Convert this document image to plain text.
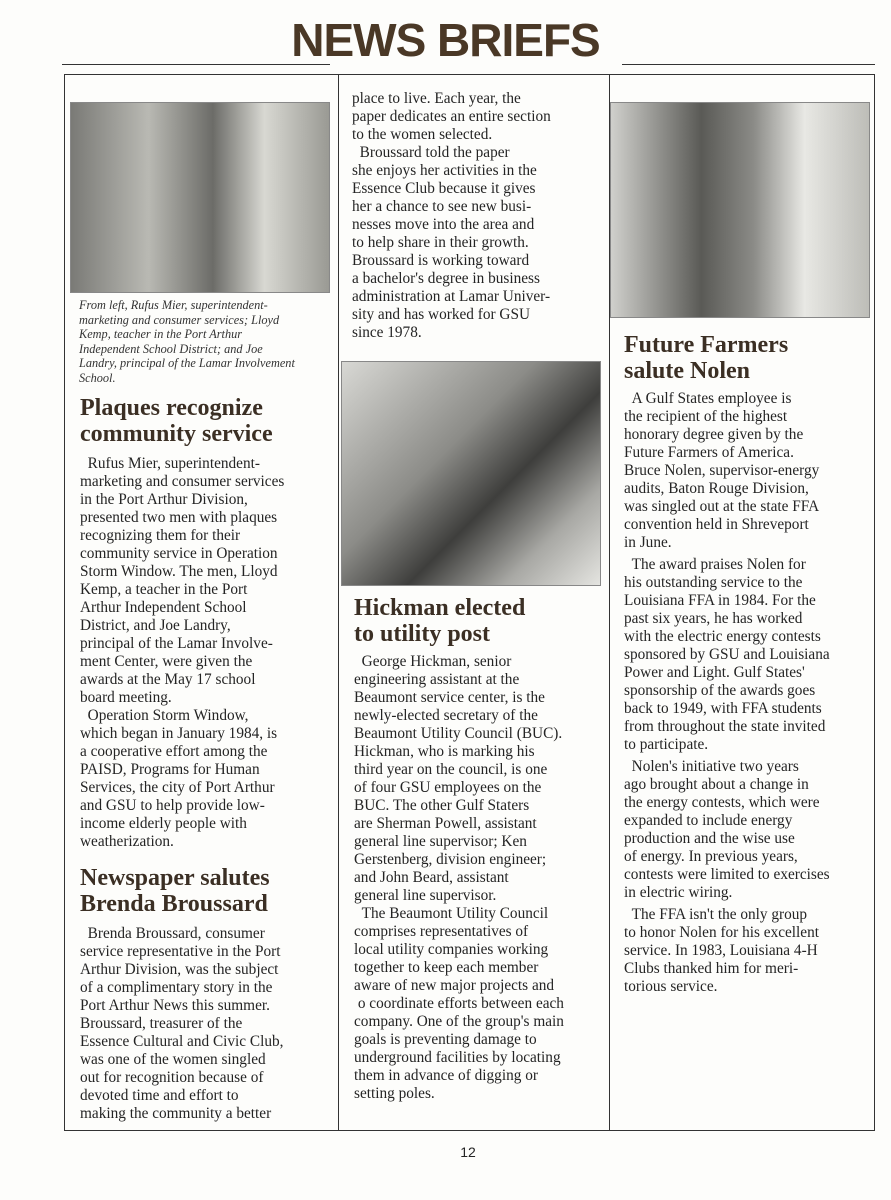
NEWS BRIEFS
From left, Rufus Mier, superintendent-
marketing and consumer services; Lloyd
Kemp, teacher in the Port Arthur
Independent School District; and Joe
Landry, principal of the Lamar Involvement
School.
Plaques recognize
community service
Rufus Mier, superintendent-
marketing and consumer services
in the Port Arthur Division,
presented two men with plaques
recognizing them for their
community service in Operation
Storm Window. The men, Lloyd
Kemp, a teacher in the Port
Arthur Independent School
District, and Joe Landry,
principal of the Lamar Involve-
ment Center, were given the
awards at the May 17 school
board meeting.
Operation Storm Window,
which began in January 1984, is
a cooperative effort among the
PAISD, Programs for Human
Services, the city of Port Arthur
and GSU to help provide low-
income elderly people with
weatherization.
Newspaper salutes
Brenda Broussard
Brenda Broussard, consumer
service representative in the Port
Arthur Division, was the subject
of a complimentary story in the
Port Arthur News this summer.
Broussard, treasurer of the
Essence Cultural and Civic Club,
was one of the women singled
out for recognition because of
devoted time and effort to
making the community a better
place to live. Each year, the
paper dedicates an entire section
to the women selected.
Broussard told the paper
she enjoys her activities in the
Essence Club because it gives
her a chance to see new busi-
nesses move into the area and
to help share in their growth.
Broussard is working toward
a bachelor's degree in business
administration at Lamar Univer-
sity and has worked for GSU
since 1978.
Hickman elected
to utility post
George Hickman, senior
engineering assistant at the
Beaumont service center, is the
newly-elected secretary of the
Beaumont Utility Council (BUC).
Hickman, who is marking his
third year on the council, is one
of four GSU employees on the
BUC. The other Gulf Staters
are Sherman Powell, assistant
general line supervisor; Ken
Gerstenberg, division engineer;
and John Beard, assistant
general line supervisor.
The Beaumont Utility Council
comprises representatives of
local utility companies working
together to keep each member
aware of new major projects and
o coordinate efforts between each
company. One of the group's main
goals is preventing damage to
underground facilities by locating
them in advance of digging or
setting poles.
Future Farmers
salute Nolen
A Gulf States employee is
the recipient of the highest
honorary degree given by the
Future Farmers of America.
Bruce Nolen, supervisor-energy
audits, Baton Rouge Division,
was singled out at the state FFA
convention held in Shreveport
in June.
The award praises Nolen for
his outstanding service to the
Louisiana FFA in 1984. For the
past six years, he has worked
with the electric energy contests
sponsored by GSU and Louisiana
Power and Light. Gulf States'
sponsorship of the awards goes
back to 1949, with FFA students
from throughout the state invited
to participate.
Nolen's initiative two years
ago brought about a change in
the energy contests, which were
expanded to include energy
production and the wise use
of energy. In previous years,
contests were limited to exercises
in electric wiring.
The FFA isn't the only group
to honor Nolen for his excellent
service. In 1983, Louisiana 4-H
Clubs thanked him for meri-
torious service.
12
